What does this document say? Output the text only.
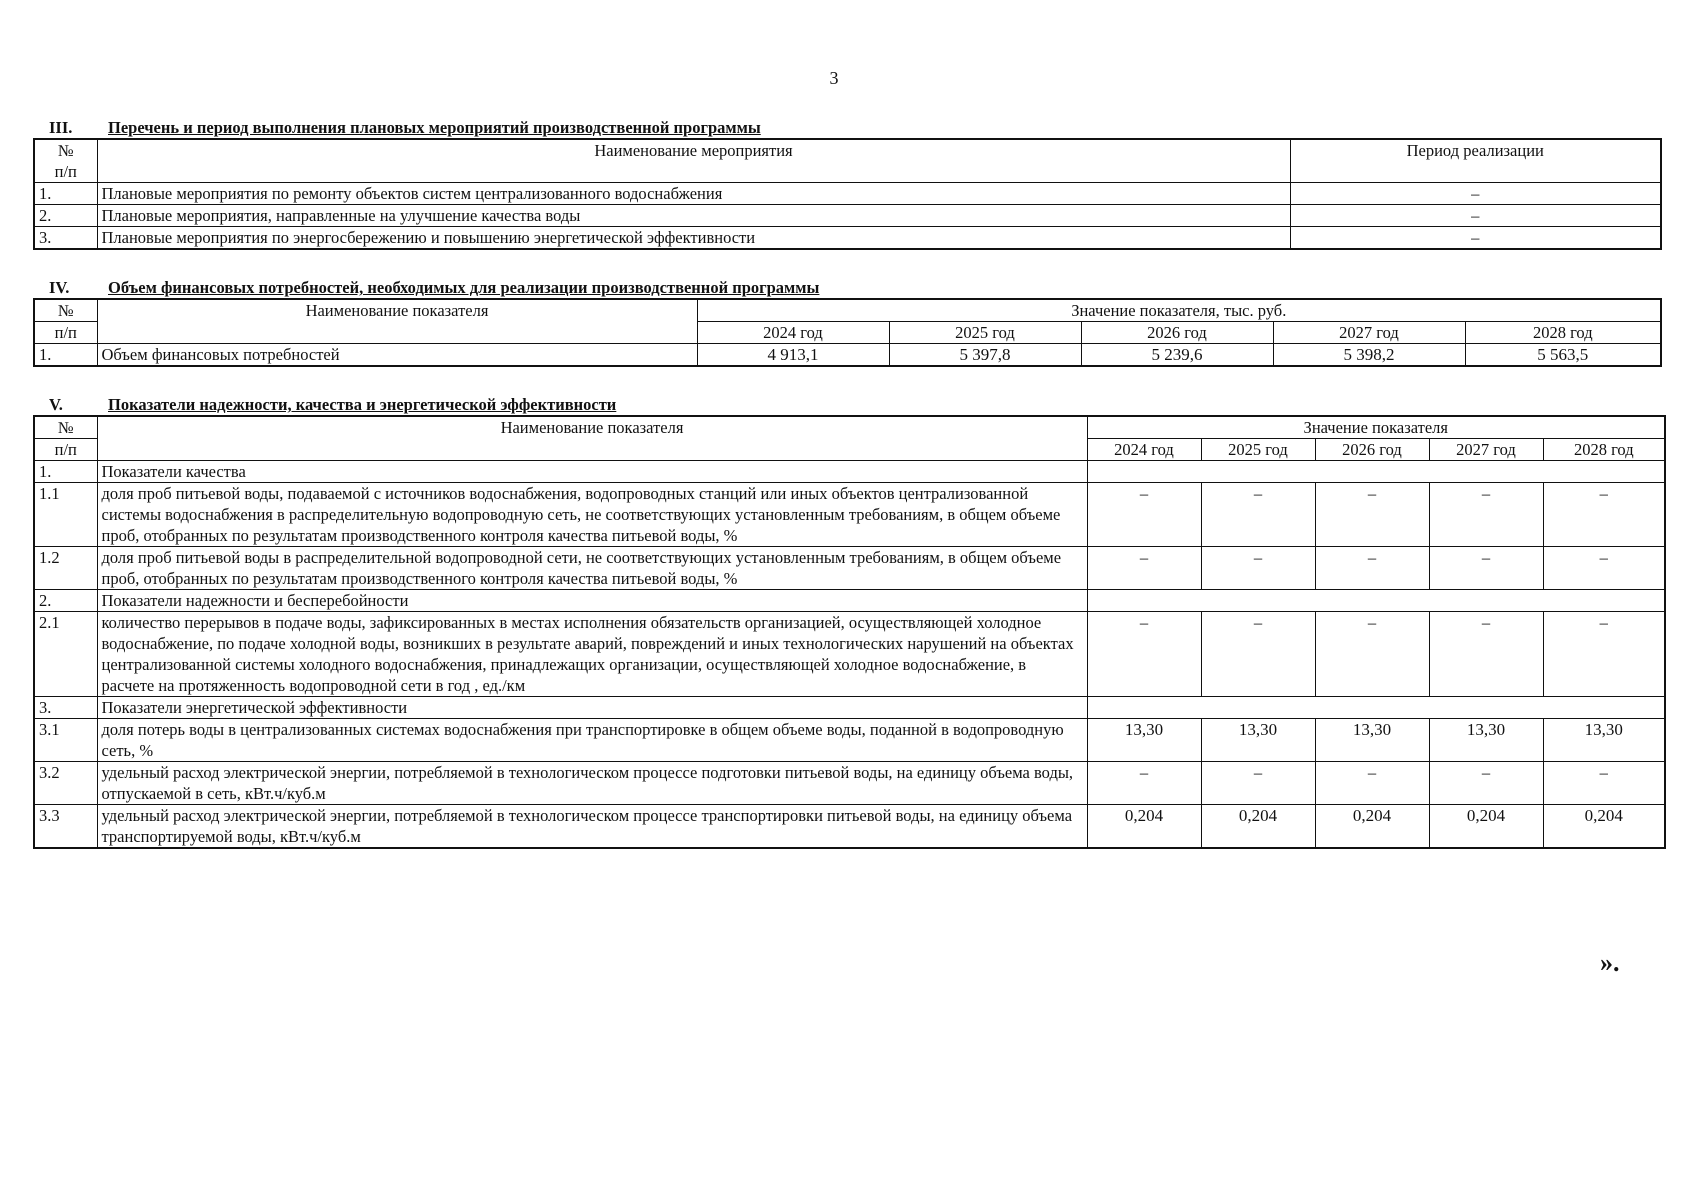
3
III. Перечень и период выполнения плановых мероприятий производственной программы
№
п/п	Наименование мероприятия	Период реализации
1.	Плановые мероприятия по ремонту объектов систем централизованного водоснабжения	–
2.	Плановые мероприятия, направленные на улучшение качества воды	–
3.	Плановые мероприятия по энергосбережению и повышению энергетической эффективности	–
IV. Объем финансовых потребностей, необходимых для реализации производственной программы
№	Наименование показателя	Значение показателя, тыс. руб.				
п/п		2024 год	2025 год	2026 год	2027 год	2028 год
1.	Объем финансовых потребностей	4 913,1	5 397,8	5 239,6	5 398,2	5 563,5
V.	Показатели надежности, качества и энергетической эффективности
№	Наименование показателя	Значение показателя				
п/п		2024 год	2025 год	2026 год	2027 год	2028 год
1.	Показатели качества					
1.1	доля проб питьевой воды, подаваемой с источников водоснабжения, водопроводных станций или иных объектов централизованной системы водоснабжения в распределительную водопроводную сеть, не соответствующих установленным требованиям, в общем объеме проб, отобранных по результатам производственного контроля качества питьевой воды, %	–	–	–	–	–
1.2	доля проб питьевой воды в распределительной водопроводной сети, не соответствующих установленным требованиям, в общем объеме проб, отобранных по результатам производственного контроля качества питьевой воды, %	–	–	–	–	–
2.	Показатели надежности и бесперебойности					
2.1	количество перерывов в подаче воды, зафиксированных в местах исполнения обязательств организацией, осуществляющей холодное водоснабжение, по подаче холодной воды, возникших в результате аварий, повреждений и иных технологических нарушений на объектах централизованной системы холодного водоснабжения, принадлежащих организации, осуществляющей холодное водоснабжение, в расчете на протяженность водопроводной сети в год , ед./км	–	–	–	–	–
3.	Показатели энергетической эффективности					
3.1	доля потерь воды в централизованных системах водоснабжения при транспортировке в общем объеме воды, поданной в водопроводную сеть, %	13,30	13,30	13,30	13,30	13,30
3.2	удельный расход электрической энергии, потребляемой в технологическом процессе подготовки питьевой воды, на единицу объема воды, отпускаемой в сеть, кВт.ч/куб.м	–	–	–	–	–
3.3	удельный расход электрической энергии, потребляемой в технологическом процессе транспортировки питьевой воды, на единицу объема транспортируемой воды, кВт.ч/куб.м	0,204	0,204	0,204	0,204	0,204
».
